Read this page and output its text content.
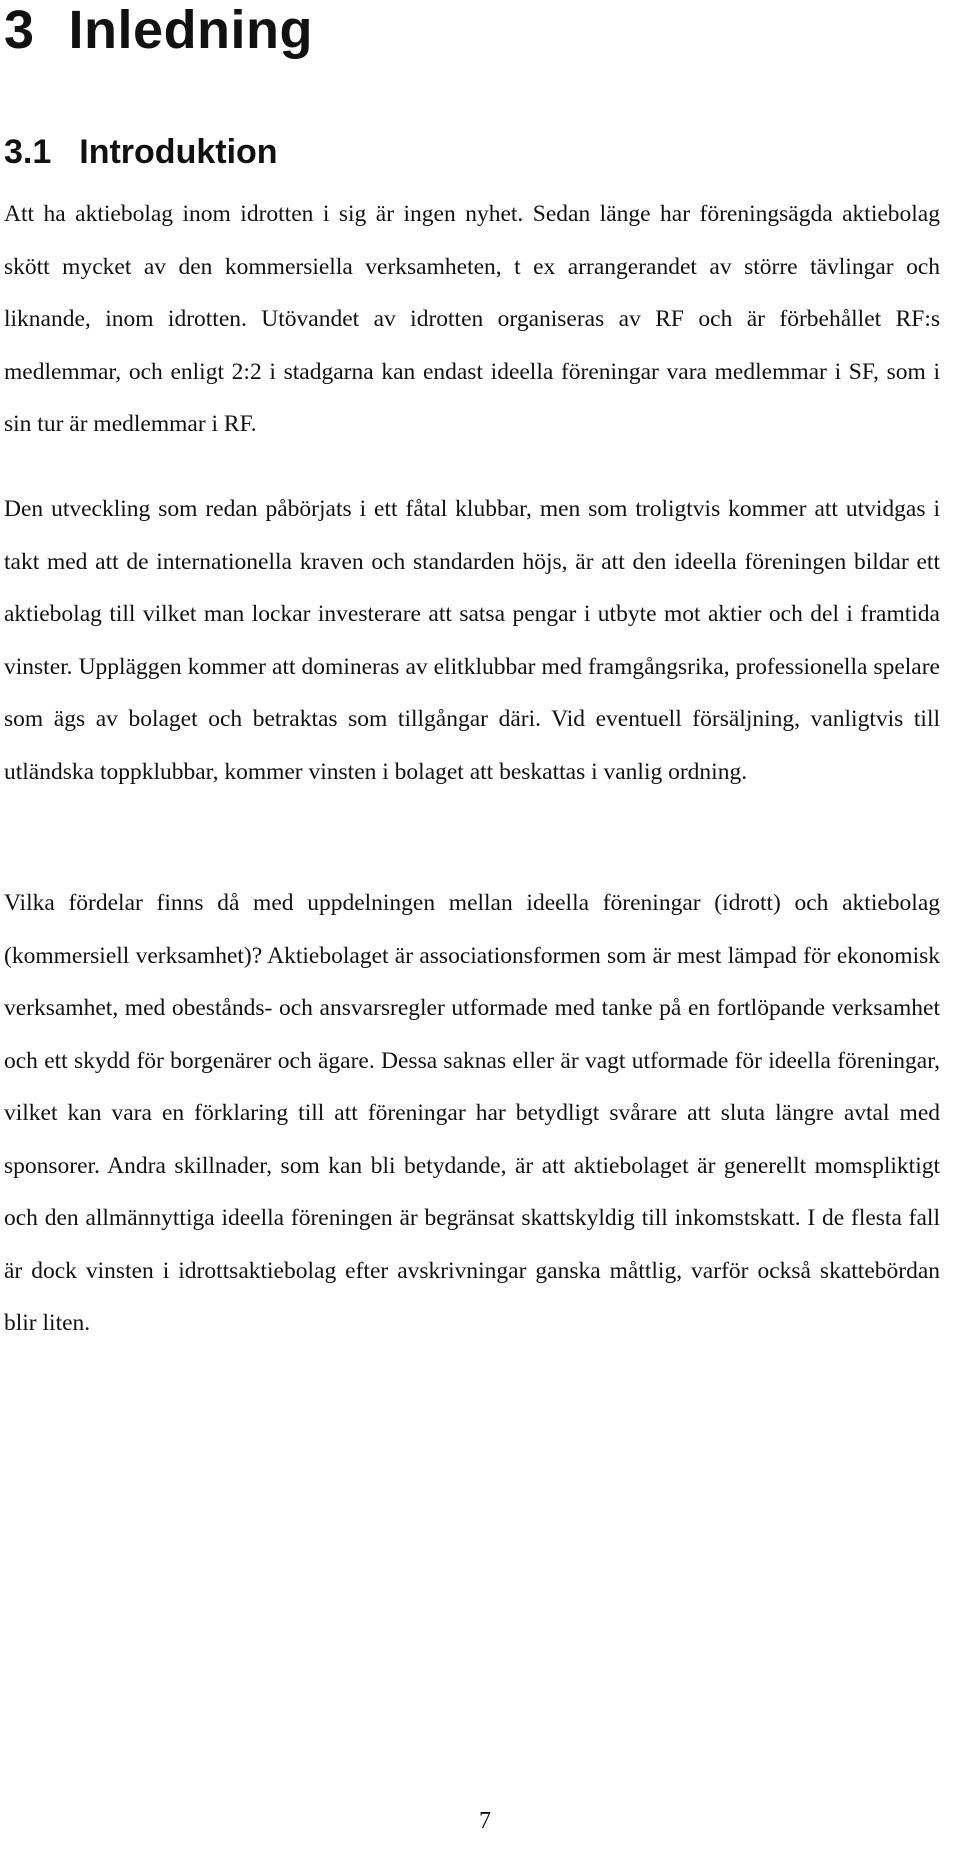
3 Inledning
3.1 Introduktion

Att ha aktiebolag inom idrotten i sig är ingen nyhet. Sedan länge har föreningsägda aktiebolag skött mycket av den kommersiella verksamheten, t ex arrangerandet av större tävlingar och liknande, inom idrotten. Utövandet av idrotten organiseras av RF och är förbehållet RF:s medlemmar, och enligt 2:2 i stadgarna kan endast ideella föreningar vara medlemmar i SF, som i sin tur är medlemmar i RF.

Den utveckling som redan påbörjats i ett fåtal klubbar, men som troligtvis kommer att utvidgas i takt med att de internationella kraven och standarden höjs, är att den ideella föreningen bildar ett aktiebolag till vilket man lockar investerare att satsa pengar i utbyte mot aktier och del i framtida vinster. Uppläggen kommer att domineras av elitklubbar med framgångsrika, professionella spelare som ägs av bolaget och betraktas som tillgångar däri. Vid eventuell försäljning, vanligtvis till utländska toppklubbar, kommer vinsten i bolaget att beskattas i vanlig ordning.

Vilka fördelar finns då med uppdelningen mellan ideella föreningar (idrott) och aktiebolag (kommersiell verksamhet)? Aktiebolaget är associationsformen som är mest lämpad för ekonomisk verksamhet, med obestånds- och ansvarsregler utformade med tanke på en fortlöpande verksamhet och ett skydd för borgenärer och ägare. Dessa saknas eller är vagt utformade för ideella föreningar, vilket kan vara en förklaring till att föreningar har betydligt svårare att sluta längre avtal med sponsorer. Andra skillnader, som kan bli betydande, är att aktiebolaget är generellt momspliktigt och den allmännyttiga ideella föreningen är begränsat skattskyldig till inkomstskatt. I de flesta fall är dock vinsten i idrottsaktiebolag efter avskrivningar ganska måttlig, varför också skattebördan blir liten.

7
